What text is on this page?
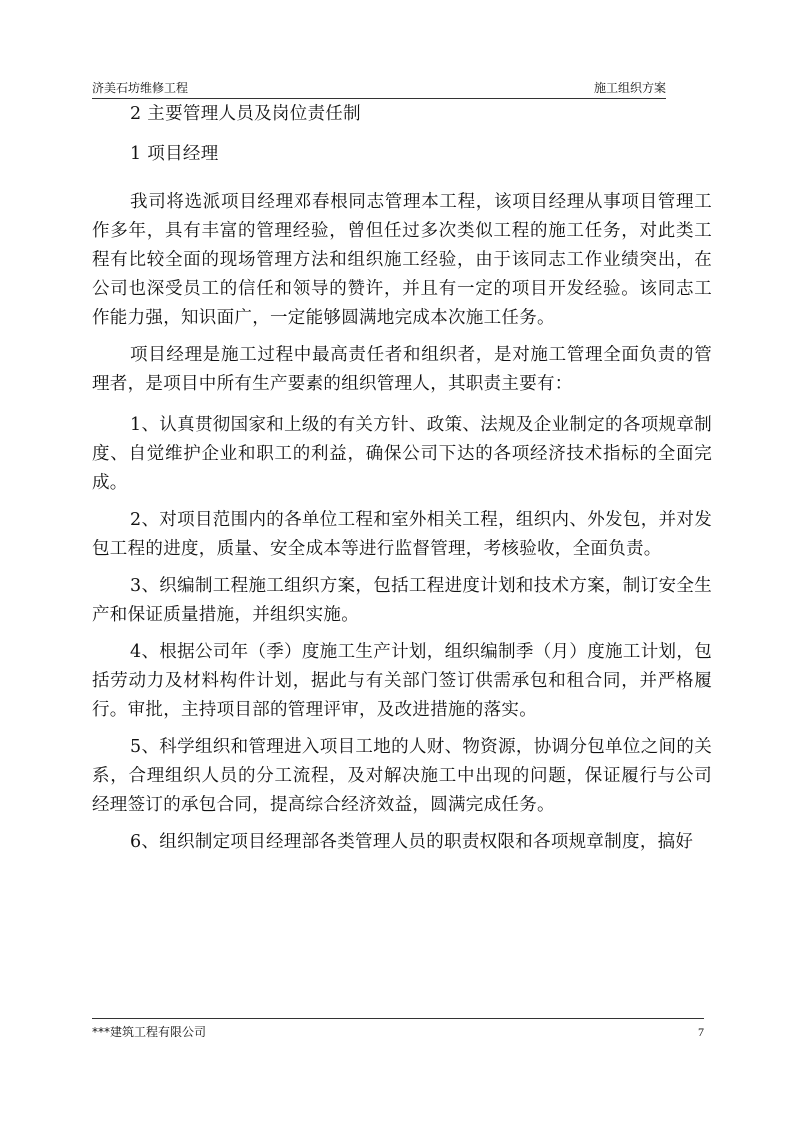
济美石坊维修工程	施工组织方案

2 主要管理人员及岗位责任制

1 项目经理

我司将选派项目经理邓春根同志管理本工程，该项目经理从事项目管理工作多年，具有丰富的管理经验，曾但任过多次类似工程的施工任务，对此类工程有比较全面的现场管理方法和组织施工经验，由于该同志工作业绩突出，在公司也深受员工的信任和领导的赞许，并且有一定的项目开发经验。该同志工作能力强，知识面广，一定能够圆满地完成本次施工任务。

项目经理是施工过程中最高责任者和组织者，是对施工管理全面负责的管理者，是项目中所有生产要素的组织管理人，其职责主要有：

1、认真贯彻国家和上级的有关方针、政策、法规及企业制定的各项规章制度、自觉维护企业和职工的利益，确保公司下达的各项经济技术指标的全面完成。

2、对项目范围内的各单位工程和室外相关工程，组织内、外发包，并对发包工程的进度，质量、安全成本等进行监督管理，考核验收，全面负责。

3、织编制工程施工组织方案，包括工程进度计划和技术方案，制订安全生产和保证质量措施，并组织实施。

4、根据公司年（季）度施工生产计划，组织编制季（月）度施工计划，包括劳动力及材料构件计划，据此与有关部门签订供需承包和租合同，并严格履行。审批，主持项目部的管理评审，及改进措施的落实。

5、科学组织和管理进入项目工地的人财、物资源，协调分包单位之间的关系，合理组织人员的分工流程，及对解决施工中出现的问题，保证履行与公司经理签订的承包合同，提高综合经济效益，圆满完成任务。

6、组织制定项目经理部各类管理人员的职责权限和各项规章制度，搞好

***建筑工程有限公司	7
